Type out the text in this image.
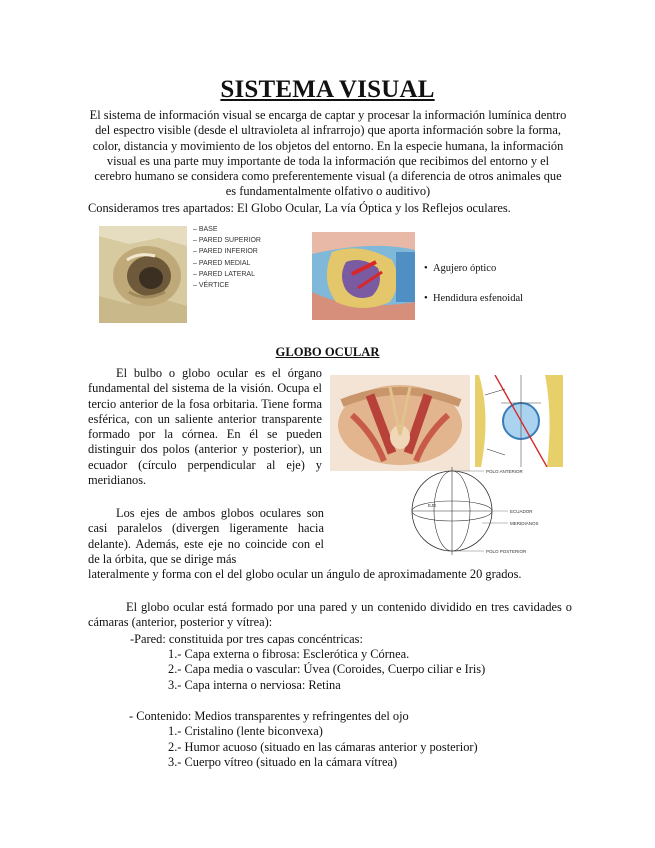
SISTEMA VISUAL
El sistema de información visual se encarga de captar y procesar la información lumínica dentro del espectro visible (desde el ultravioleta al infrarrojo) que aporta información sobre la forma, color, distancia y movimiento de los objetos del entorno. En la especie humana, la información visual es una parte muy importante de toda la información que recibimos del entorno y el cerebro humano se considera como preferentemente visual (a diferencia de otros animales que es fundamentalmente olfativo o auditivo)
Consideramos tres apartados: El Globo Ocular, La vía Óptica y los Reflejos oculares.
– BASE
– PARED SUPERIOR
– PARED INFERIOR
– PARED MEDIAL
– PARED LATERAL
– VÉRTICE
•  Agujero óptico
•  Hendidura esfenoidal
GLOBO OCULAR
El bulbo o globo ocular es el órgano fundamental del sistema de la visión. Ocupa el tercio anterior de la fosa orbitaria. Tiene forma esférica, con un saliente anterior transparente formado por la córnea. En él se pueden distinguir dos polos (anterior y posterior), un ecuador (círculo perpendicular al eje) y meridianos.
POLO ANTERIOR
ECUADOR
MERIDIANOS
POLO POSTERIOR
EJE
Los ejes de ambos globos oculares son casi paralelos (divergen ligeramente hacia delante). Además, este eje no coincide con el de la órbita, que se dirige más
lateralmente y forma con el del globo ocular un ángulo de aproximadamente 20 grados.
El globo ocular está formado por una pared y un contenido dividido en tres cavidades o cámaras (anterior, posterior y vítrea):
-Pared: constituida por tres capas concéntricas:
1.- Capa externa o fibrosa: Esclerótica y Córnea.
2.- Capa media o vascular: Úvea (Coroides, Cuerpo ciliar e Iris)
3.- Capa interna o nerviosa: Retina
- Contenido: Medios transparentes y refringentes del ojo
1.- Cristalino (lente biconvexa)
2.- Humor acuoso (situado en las cámaras anterior y posterior)
3.- Cuerpo vítreo (situado en la cámara vítrea)
